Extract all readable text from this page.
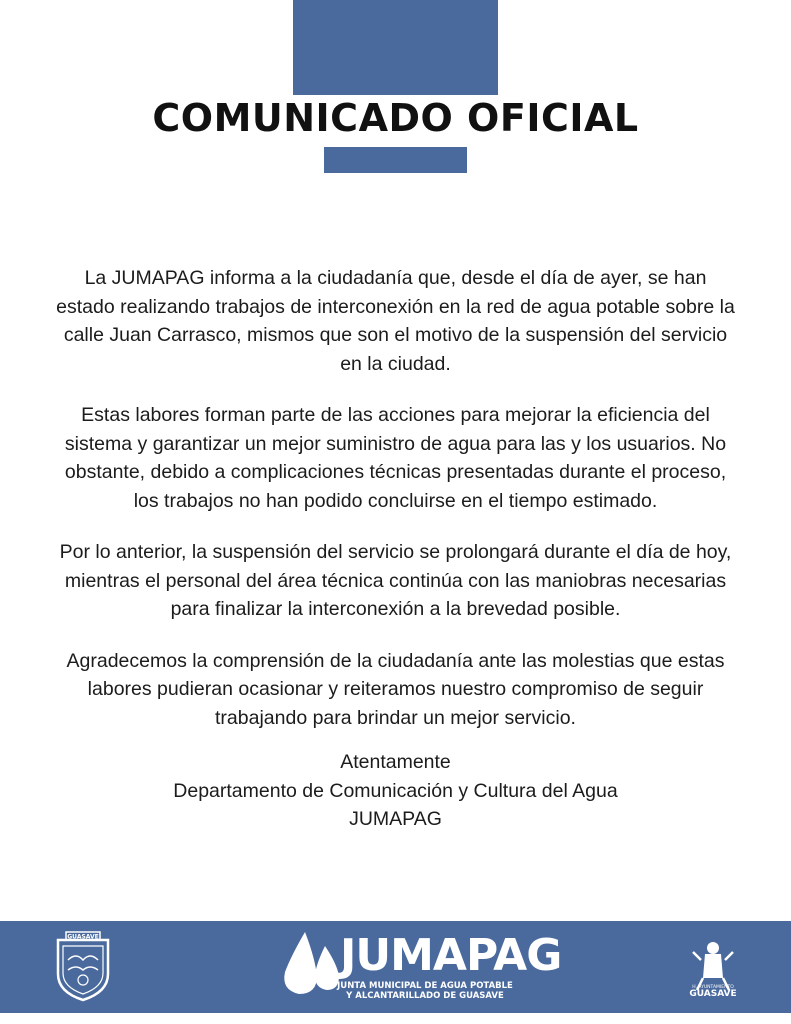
COMUNICADO OFICIAL

La JUMAPAG informa a la ciudadanía que, desde el día de ayer, se han estado realizando trabajos de interconexión en la red de agua potable sobre la calle Juan Carrasco, mismos que son el motivo de la suspensión del servicio en la ciudad.

Estas labores forman parte de las acciones para mejorar la eficiencia del sistema y garantizar un mejor suministro de agua para las y los usuarios. No obstante, debido a complicaciones técnicas presentadas durante el proceso, los trabajos no han podido concluirse en el tiempo estimado.

Por lo anterior, la suspensión del servicio se prolongará durante el día de hoy, mientras el personal del área técnica continúa con las maniobras necesarias para finalizar la interconexión a la brevedad posible.

Agradecemos la comprensión de la ciudadanía ante las molestias que estas labores pudieran ocasionar y reiteramos nuestro compromiso de seguir trabajando para brindar un mejor servicio.

Atentamente
Departamento de Comunicación y Cultura del Agua
JUMAPAG
GUASAVE	JUMAPAG
JUNTA MUNICIPAL DE AGUA POTABLE
Y ALCANTARILLADO DE GUASAVE
H. AYUNTAMIENTO
GUASAVE
